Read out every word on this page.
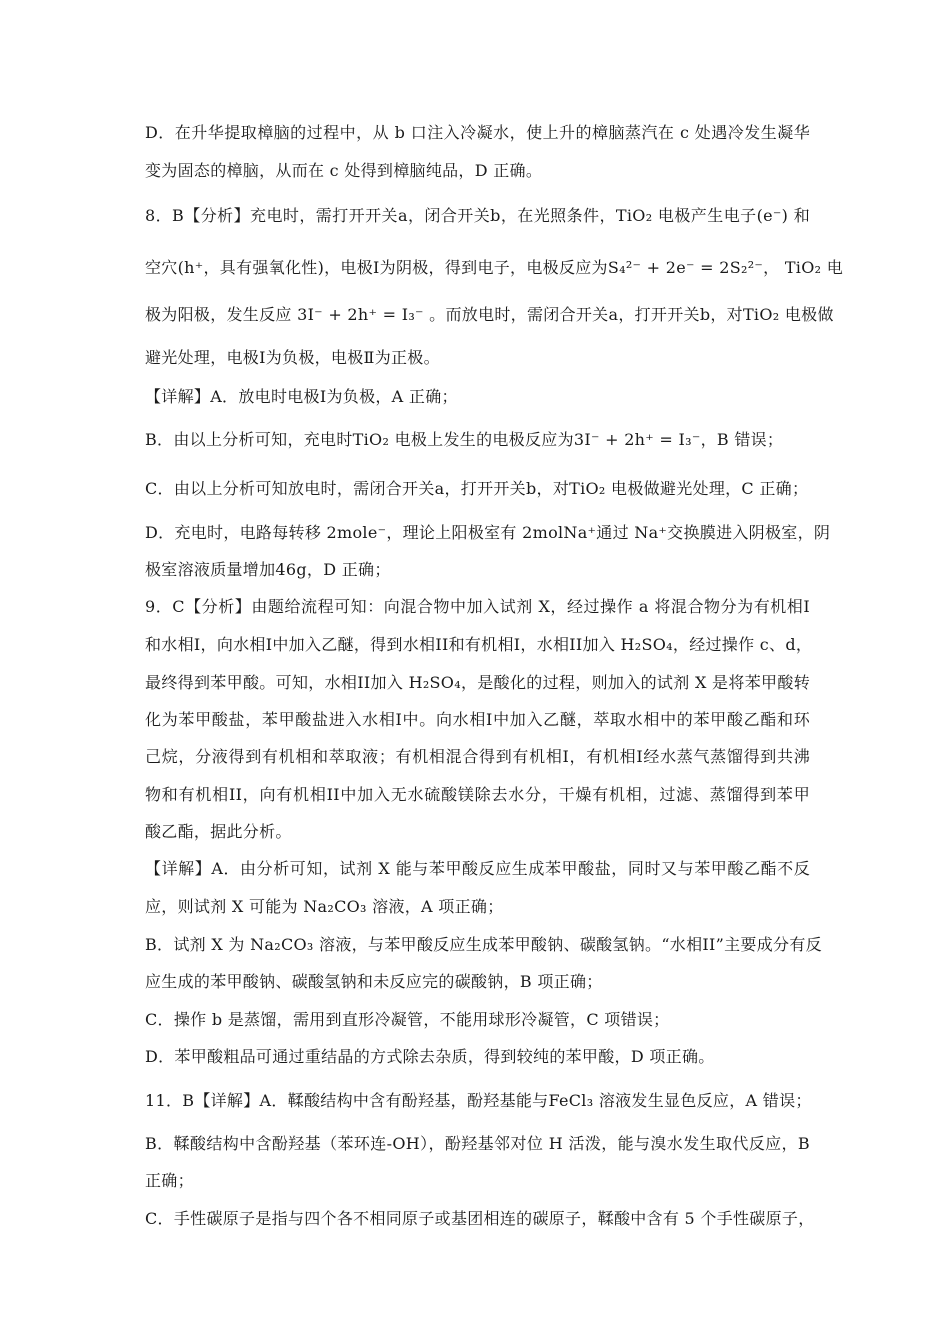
D．在升华提取樟脑的过程中，从 b 口注入冷凝水，使上升的樟脑蒸汽在 c 处遇冷发生凝华
变为固态的樟脑，从而在 c 处得到樟脑纯品，D 正确。
8．B【分析】充电时，需打开开关a，闭合开关b，在光照条件，TiO₂ 电极产生电子(e⁻) 和
空穴(h⁺，具有强氧化性)，电极Ⅰ为阴极，得到电子，电极反应为S₄²⁻ + 2e⁻ = 2S₂²⁻， TiO₂ 电
极为阳极，发生反应 3I⁻ + 2h⁺ = I₃⁻ 。而放电时，需闭合开关a，打开开关b，对TiO₂ 电极做
避光处理，电极Ⅰ为负极，电极Ⅱ为正极。
【详解】A．放电时电极Ⅰ为负极，A 正确；
B．由以上分析可知，充电时TiO₂ 电极上发生的电极反应为3I⁻ + 2h⁺ = I₃⁻，B 错误；
C．由以上分析可知放电时，需闭合开关a，打开开关b，对TiO₂ 电极做避光处理，C 正确；
D．充电时，电路每转移 2mole⁻，理论上阳极室有 2molNa⁺通过 Na⁺交换膜进入阴极室，阴
极室溶液质量增加46g，D 正确；
9．C【分析】由题给流程可知：向混合物中加入试剂 X，经过操作 a 将混合物分为有机相I
和水相I，向水相I中加入乙醚，得到水相II和有机相I，水相II加入 H₂SO₄，经过操作 c、d，
最终得到苯甲酸。可知，水相II加入 H₂SO₄，是酸化的过程，则加入的试剂 X 是将苯甲酸转
化为苯甲酸盐，苯甲酸盐进入水相I中。向水相I中加入乙醚，萃取水相中的苯甲酸乙酯和环
己烷，分液得到有机相和萃取液；有机相混合得到有机相I，有机相I经水蒸气蒸馏得到共沸
物和有机相II，向有机相II中加入无水硫酸镁除去水分，干燥有机相，过滤、蒸馏得到苯甲
酸乙酯，据此分析。
【详解】A．由分析可知，试剂 X 能与苯甲酸反应生成苯甲酸盐，同时又与苯甲酸乙酯不反
应，则试剂 X 可能为 Na₂CO₃ 溶液，A 项正确；
B．试剂 X 为 Na₂CO₃ 溶液，与苯甲酸反应生成苯甲酸钠、碳酸氢钠。“水相II”主要成分有反
应生成的苯甲酸钠、碳酸氢钠和未反应完的碳酸钠，B 项正确；
C．操作 b 是蒸馏，需用到直形冷凝管，不能用球形冷凝管，C 项错误；
D．苯甲酸粗品可通过重结晶的方式除去杂质，得到较纯的苯甲酸，D 项正确。
11．B【详解】A．鞣酸结构中含有酚羟基，酚羟基能与FeCl₃ 溶液发生显色反应，A 错误；
B．鞣酸结构中含酚羟基（苯环连-OH），酚羟基邻对位 H 活泼，能与溴水发生取代反应，B
正确；
C．手性碳原子是指与四个各不相同原子或基团相连的碳原子，鞣酸中含有 5 个手性碳原子，
